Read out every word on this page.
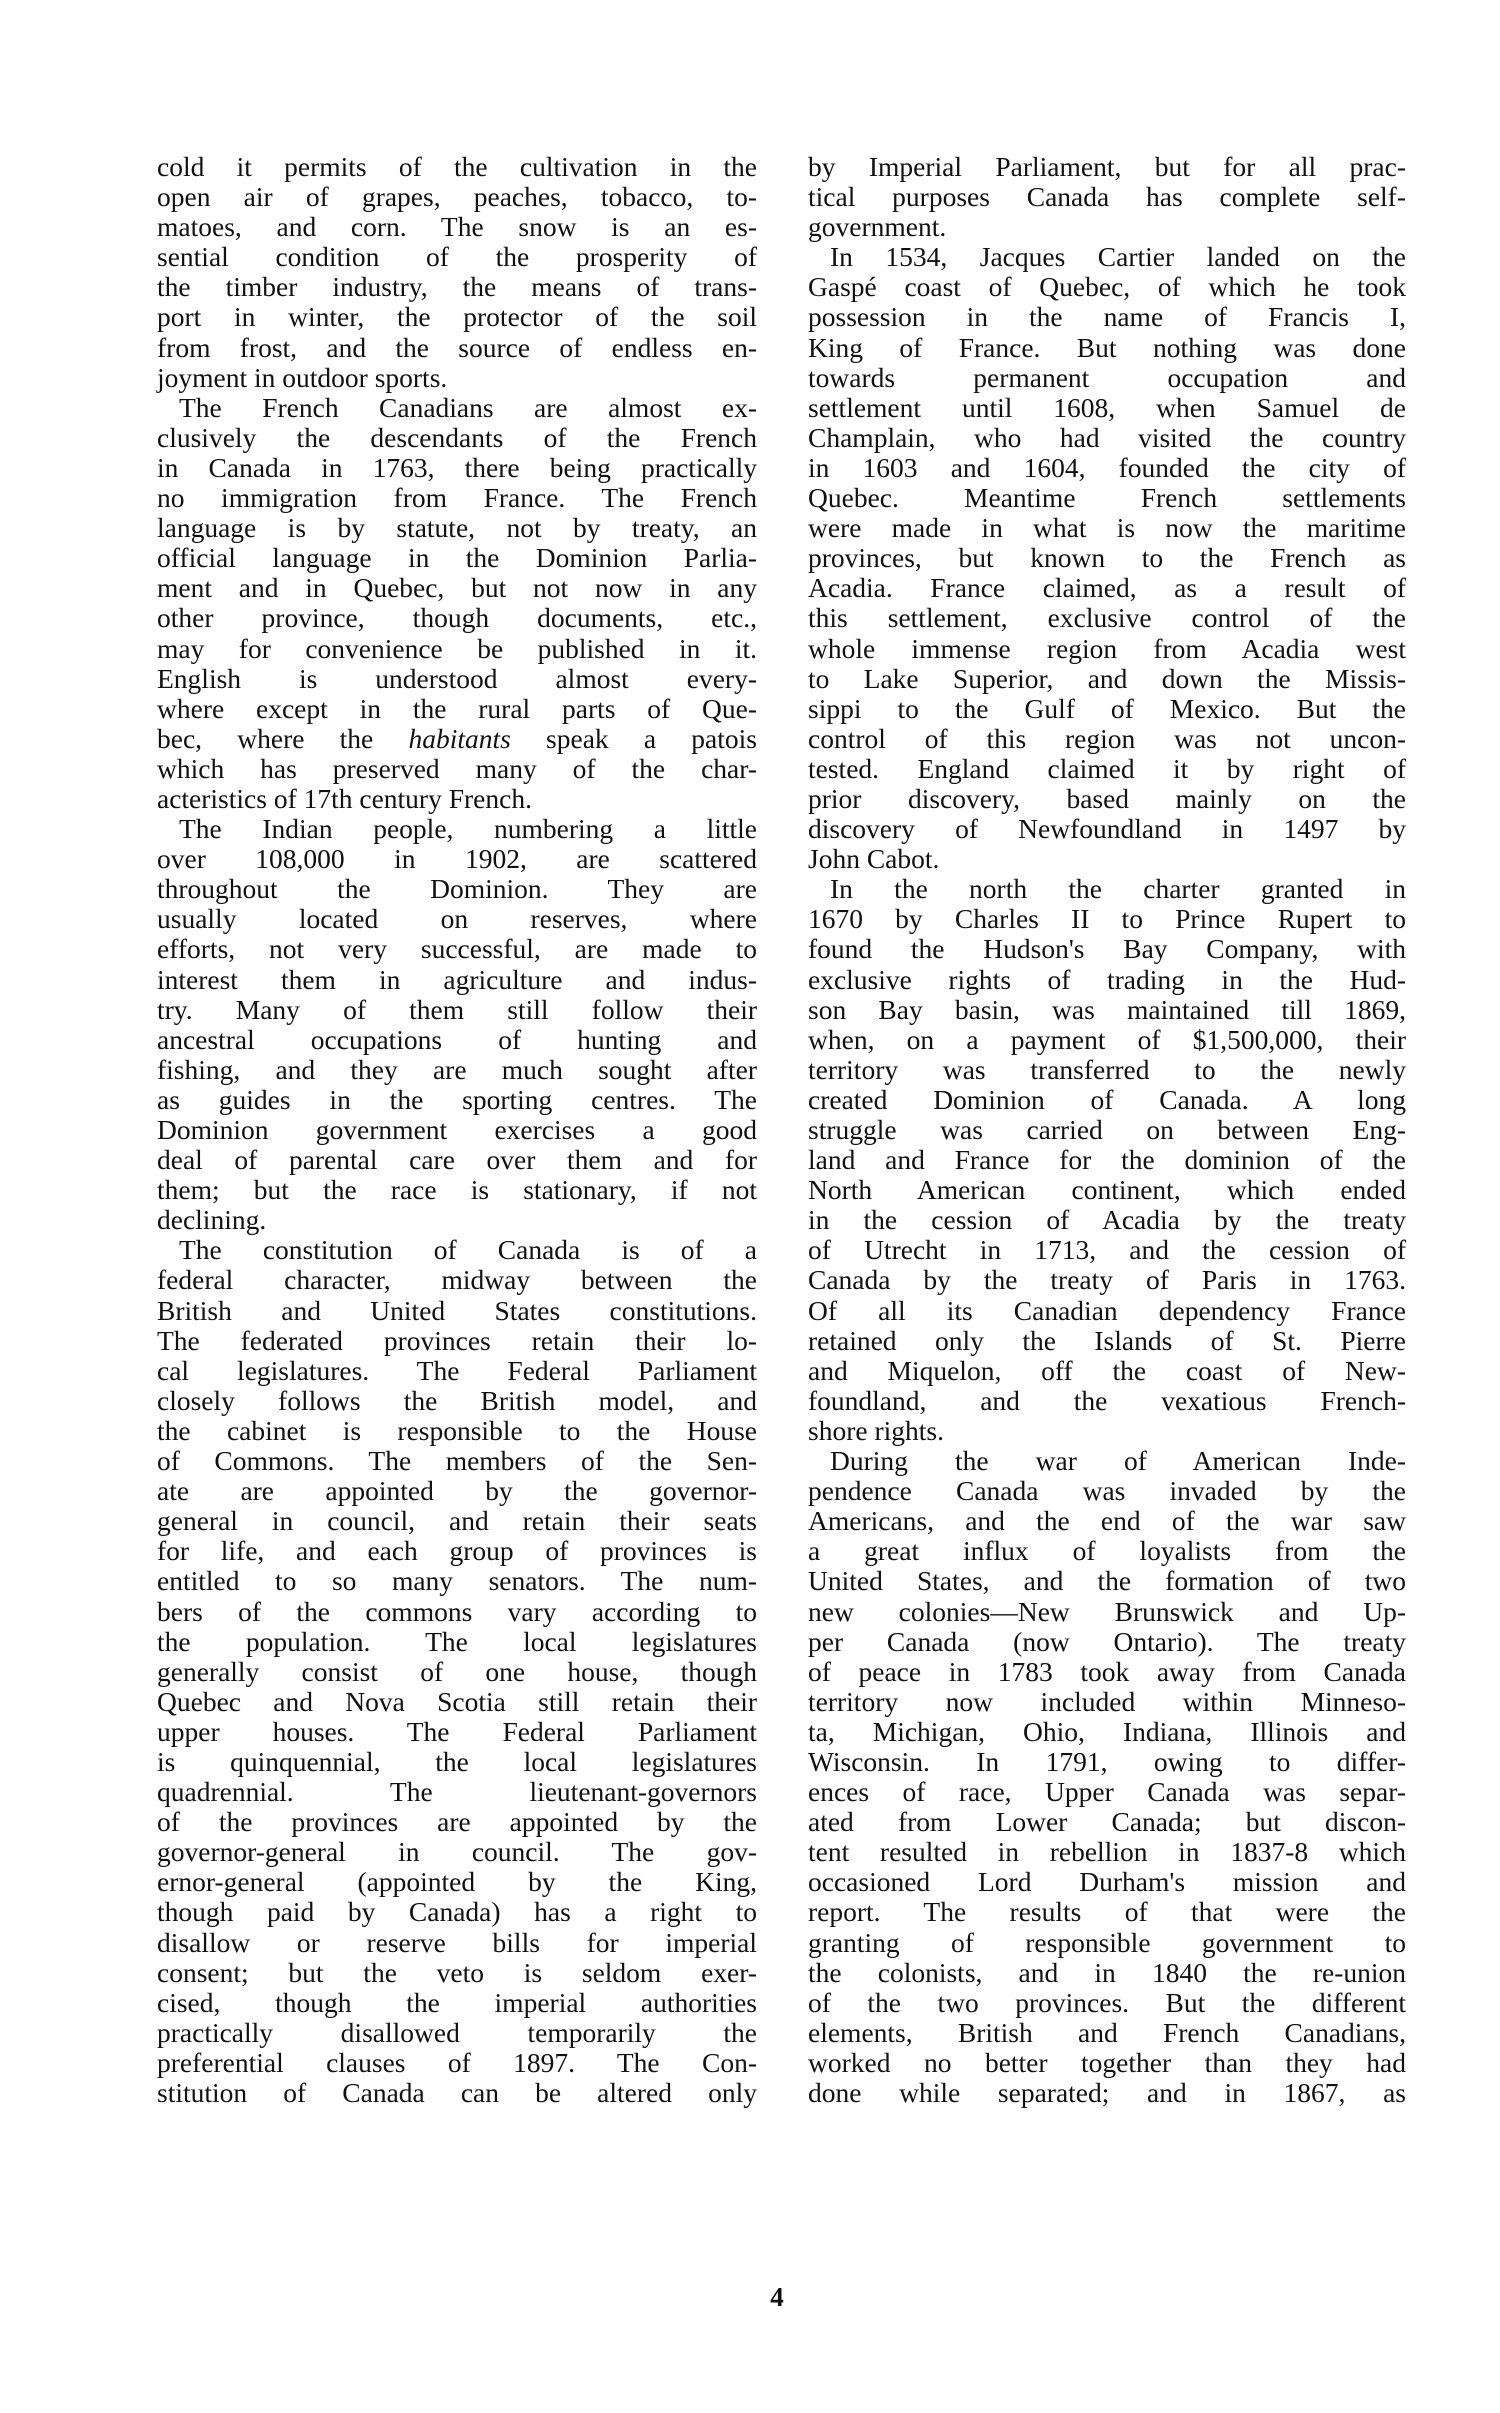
cold it permits of the cultivation in the
open air of grapes, peaches, tobacco, to-
matoes, and corn. The snow is an es-
sential condition of the prosperity of
the timber industry, the means of trans-
port in winter, the protector of the soil
from frost, and the source of endless en-
joyment in outdoor sports.
The French Canadians are almost ex-
clusively the descendants of the French
in Canada in 1763, there being practically
no immigration from France. The French
language is by statute, not by treaty, an
official language in the Dominion Parlia-
ment and in Quebec, but not now in any
other province, though documents, etc.,
may for convenience be published in it.
English is understood almost every-
where except in the rural parts of Que-
bec, where the habitants speak a patois
which has preserved many of the char-
acteristics of 17th century French.
The Indian people, numbering a little
over 108,000 in 1902, are scattered
throughout the Dominion. They are
usually located on reserves, where
efforts, not very successful, are made to
interest them in agriculture and indus-
try. Many of them still follow their
ancestral occupations of hunting and
fishing, and they are much sought after
as guides in the sporting centres. The
Dominion government exercises a good
deal of parental care over them and for
them; but the race is stationary, if not
declining.
The constitution of Canada is of a
federal character, midway between the
British and United States constitutions.
The federated provinces retain their lo-
cal legislatures. The Federal Parliament
closely follows the British model, and
the cabinet is responsible to the House
of Commons. The members of the Sen-
ate are appointed by the governor-
general in council, and retain their seats
for life, and each group of provinces is
entitled to so many senators. The num-
bers of the commons vary according to
the population. The local legislatures
generally consist of one house, though
Quebec and Nova Scotia still retain their
upper houses. The Federal Parliament
is quinquennial, the local legislatures
quadrennial. The lieutenant-governors
of the provinces are appointed by the
governor-general in council. The gov-
ernor-general (appointed by the King,
though paid by Canada) has a right to
disallow or reserve bills for imperial
consent; but the veto is seldom exer-
cised, though the imperial authorities
practically disallowed temporarily the
preferential clauses of 1897. The Con-
stitution of Canada can be altered only
by Imperial Parliament, but for all prac-
tical purposes Canada has complete self-
government.
In 1534, Jacques Cartier landed on the
Gaspé coast of Quebec, of which he took
possession in the name of Francis I,
King of France. But nothing was done
towards permanent occupation and
settlement until 1608, when Samuel de
Champlain, who had visited the country
in 1603 and 1604, founded the city of
Quebec. Meantime French settlements
were made in what is now the maritime
provinces, but known to the French as
Acadia. France claimed, as a result of
this settlement, exclusive control of the
whole immense region from Acadia west
to Lake Superior, and down the Missis-
sippi to the Gulf of Mexico. But the
control of this region was not uncon-
tested. England claimed it by right of
prior discovery, based mainly on the
discovery of Newfoundland in 1497 by
John Cabot.
In the north the charter granted in
1670 by Charles II to Prince Rupert to
found the Hudson's Bay Company, with
exclusive rights of trading in the Hud-
son Bay basin, was maintained till 1869,
when, on a payment of $1,500,000, their
territory was transferred to the newly
created Dominion of Canada. A long
struggle was carried on between Eng-
land and France for the dominion of the
North American continent, which ended
in the cession of Acadia by the treaty
of Utrecht in 1713, and the cession of
Canada by the treaty of Paris in 1763.
Of all its Canadian dependency France
retained only the Islands of St. Pierre
and Miquelon, off the coast of New-
foundland, and the vexatious French-
shore rights.
During the war of American Inde-
pendence Canada was invaded by the
Americans, and the end of the war saw
a great influx of loyalists from the
United States, and the formation of two
new colonies—New Brunswick and Up-
per Canada (now Ontario). The treaty
of peace in 1783 took away from Canada
territory now included within Minneso-
ta, Michigan, Ohio, Indiana, Illinois and
Wisconsin. In 1791, owing to differ-
ences of race, Upper Canada was separ-
ated from Lower Canada; but discon-
tent resulted in rebellion in 1837-8 which
occasioned Lord Durham's mission and
report. The results of that were the
granting of responsible government to
the colonists, and in 1840 the re-union
of the two provinces. But the different
elements, British and French Canadians,
worked no better together than they had
done while separated; and in 1867, as
4
